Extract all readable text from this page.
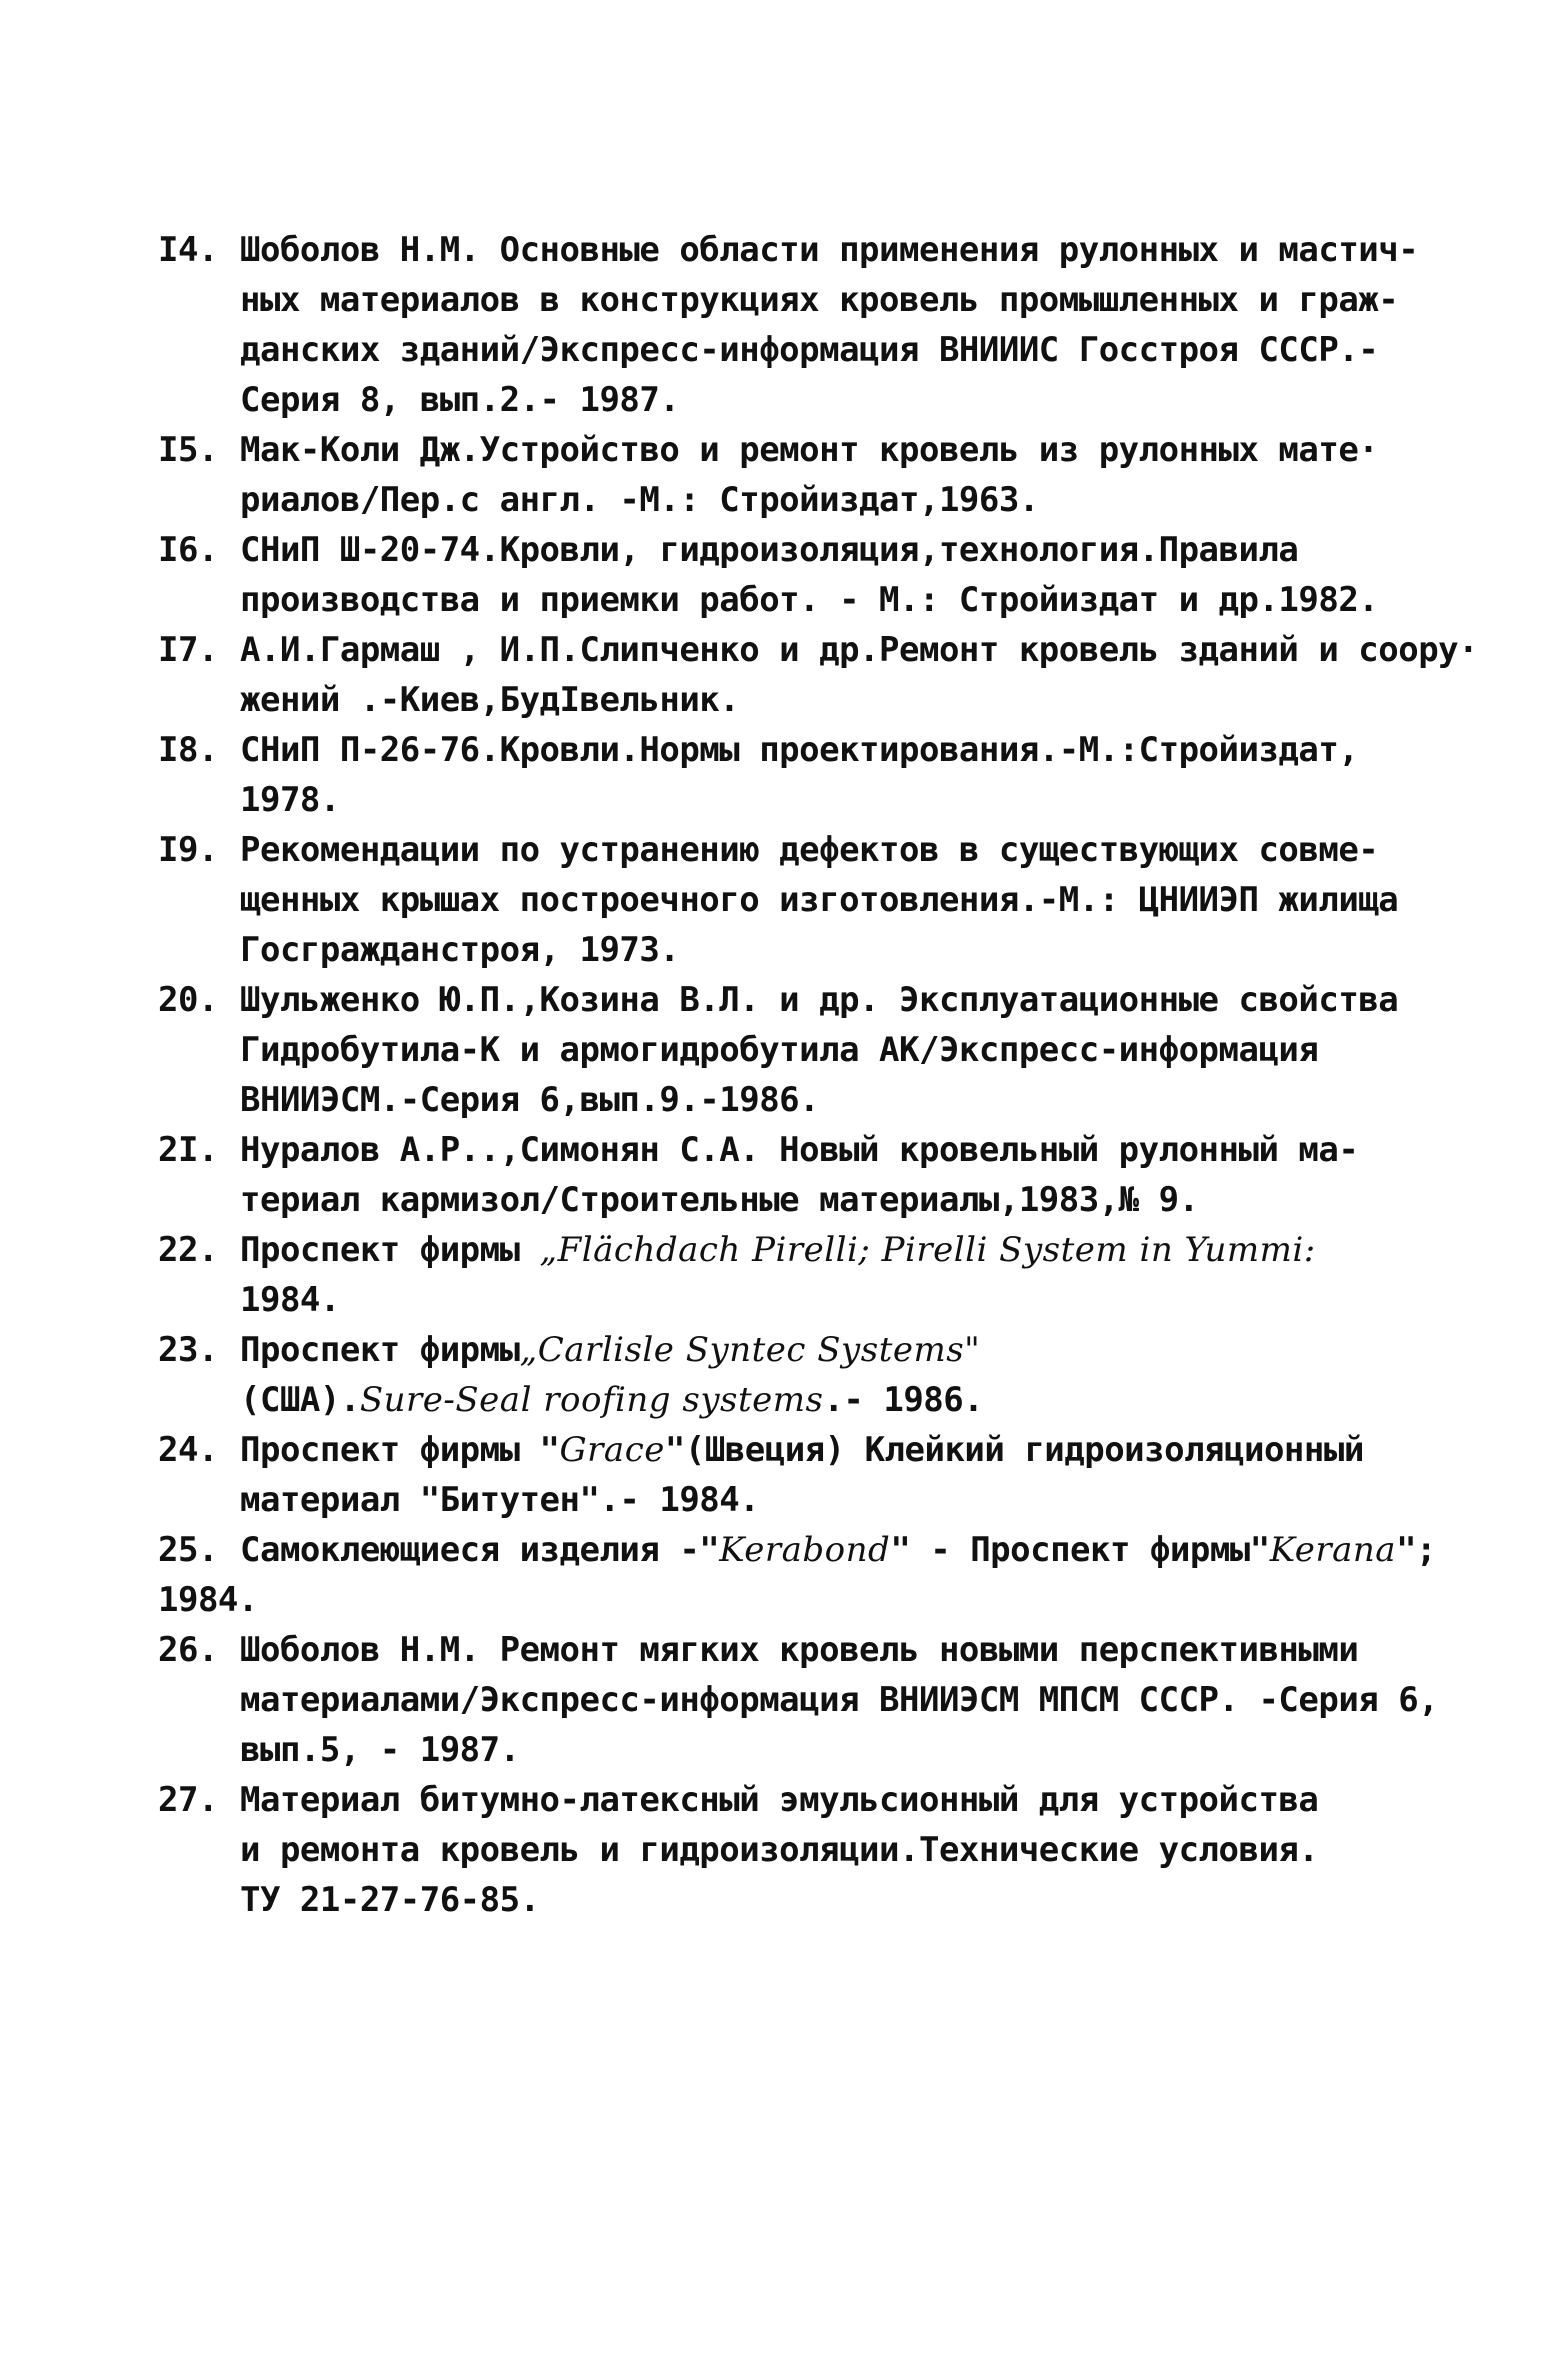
I4. Шоболов Н.М. Основные области применения рулонных и мастич-
ных материалов в конструкциях кровель промышленных и граж-
данских зданий/Экспресс-информация ВНИИИС Госстроя СССР.-
Серия 8, вып.2.- 1987.
I5. Мак-Коли Дж.Устройство и ремонт кровель из рулонных мате·
риалов/Пер.с англ. -М.: Стройиздат,1963.
I6. СНиП Ш-20-74.Кровли, гидроизоляция,технология.Правила
производства и приемки работ. - М.: Стройиздат и др.1982.
I7. А.И.Гармаш , И.П.Слипченко и др.Ремонт кровель зданий и соору·
жений .-Киев,БудІвельник.
I8. СНиП П-26-76.Кровли.Нормы проектирования.-М.:Стройиздат,
1978.
I9. Рекомендации по устранению дефектов в существующих совме-
щенных крышах построечного изготовления.-М.: ЦНИИЭП жилища
Госгражданстроя, 1973.
20. Шульженко Ю.П.,Козина В.Л. и др. Эксплуатационные свойства
Гидробутила-К и армогидробутила АК/Экспресс-информация
ВНИИЭСМ.-Серия 6,вып.9.-1986.
2I. Нуралов А.Р..,Симонян С.А. Новый кровельный рулонный ма-
териал кармизол/Строительные материалы,1983,№ 9.
22. Проспект фирмы „Flächdach Pirelli; Pirelli System in Yummi:
1984.
23. Проспект фирмы„Carlisle Syntec Systems"
(США).Sure-Seal roofing systems.- 1986.
24. Проспект фирмы "Grace"(Швеция) Клейкий гидроизоляционный
материал "Битутен".- 1984.
25. Самоклеющиеся изделия -"Kerabond" - Проспект фирмы"Kerana";
1984.
26. Шоболов Н.М. Ремонт мягких кровель новыми перспективными
материалами/Экспресс-информация ВНИИЭСМ МПСМ СССР. -Серия 6,
вып.5, - 1987.
27. Материал битумно-латексный эмульсионный для устройства
и ремонта кровель и гидроизоляции.Технические условия.
ТУ 21-27-76-85.
